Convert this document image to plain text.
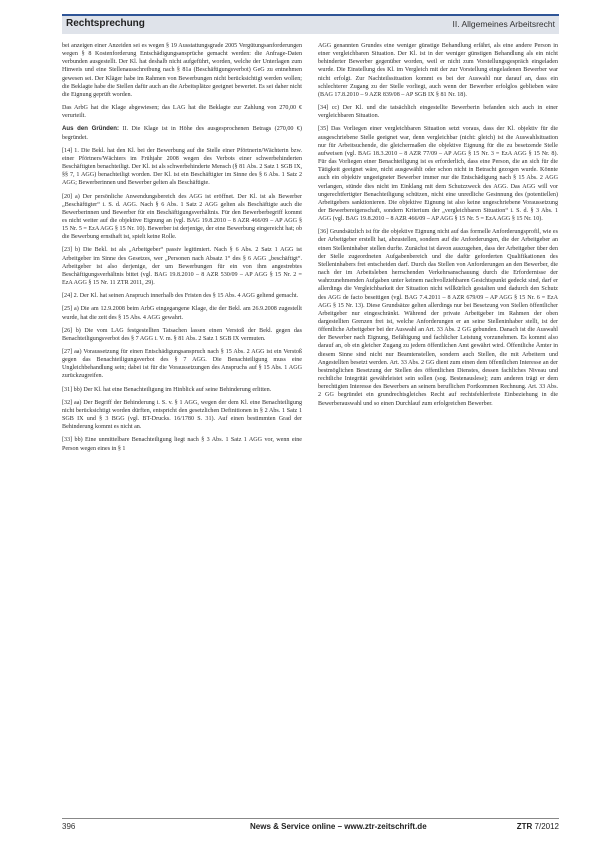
Rechtsprechung	II. Allgemeines Arbeitsrecht

bei anzeigen einer Anzeiden sei es wegen § 19 Ausstattungsgrade 2005 Vergütungsanforderungen wegen § 8 Kostenforderung Entschädigungsansprüche gemacht werden: die Anfrage-Daten verbunden ausgestellt. Der Kl. hat deshalb nicht aufgeführt, worden, welche der Unterlagen zum Hinweis und eine Stellenausschreibung nach § 81a (Beschäftigungsverbot) GeG zu entnehmen gewesen sei. Der Kläger habe im Rahmen von Bewerbungen nicht berücksichtigt werden wollen; die Beklagte habe die Stellen dafür auch an die Arbeitsplätze geeignet bewertet. Es sei daher nicht die Eignung geprüft worden.

Das ArbG hat die Klage abgewiesen; das LAG hat die Beklagte zur Zahlung von 270,00 € verurteilt.

Aus den Gründen: II. Die Klage ist in Höhe des ausgesprochenen Betrags (270,00 €) begründet.

[14] 1. Die Bekl. hat den Kl. bei der Bewerbung auf die Stelle einer Pförtnerin/Wächterin bzw. einer Pförtners/Wächters im Frühjahr 2008 wegen des Verbots einer schwerbehinderten Beschäftigten benachteiligt. Der Kl. ist als schwerbehinderte Mensch (§ 81 Abs. 2 Satz 1 SGB IX, §§ 7, 1 AGG) benachteiligt worden. Der Kl. ist ein Beschäftigter im Sinne des § 6 Abs. 1 Satz 2 AGG; Bewerberinnen und Bewerber gelten als Beschäftigte.

[20] a) Der persönliche Anwendungsbereich des AGG ist eröffnet. Der Kl. ist als Bewerber „Beschäftigter“ i. S. d. AGG. Nach § 6 Abs. 1 Satz 2 AGG gelten als Beschäftigte auch die Bewerberinnen und Bewerber für ein Beschäftigungsverhältnis. Für den Bewerberbegriff kommt es nicht weiter auf die objektive Eignung an (vgl. BAG 19.8.2010 – 8 AZR 466/09 – AP AGG § 15 Nr. 5 = EzA AGG § 15 Nr. 10). Bewerber ist derjenige, der eine Bewerbung eingereicht hat; ob die Bewerbung ernsthaft ist, spielt keine Rolle.

[23] b) Die Bekl. ist als „Arbeitgeber“ passiv legitimiert. Nach § 6 Abs. 2 Satz 1 AGG ist Arbeitgeber im Sinne des Gesetzes, wer „Personen nach Absatz 1“ des § 6 AGG „beschäftigt“. Arbeitgeber ist also derjenige, der um Bewerbungen für ein von ihm angestrebtes Beschäftigungsverhältnis bittet (vgl. BAG 19.8.2010 – 8 AZR 530/09 – AP AGG § 15 Nr. 2 = EzA AGG § 15 Nr. 11 ZTR 2011, 29).

[24] 2. Der Kl. hat seinen Anspruch innerhalb des Fristen des § 15 Abs. 4 AGG geltend gemacht.

[25] a) Die am 12.9.2008 beim ArbG eingegangene Klage, die der Bekl. am 26.9.2008 zugestellt wurde, hat die zeit des § 15 Abs. 4 AGG gewahrt.

[26] b) Die vom LAG festgestellten Tatsachen lassen einen Verstoß der Bekl. gegen das Benachteiligungsverbot des § 7 AGG i. V. m. § 81 Abs. 2 Satz 1 SGB IX vermuten.

[27] aa) Voraussetzung für einen Entschädigungsanspruch nach § 15 Abs. 2 AGG ist ein Verstoß gegen das Benachteiligungsverbot des § 7 AGG. Die Benachteiligung muss eine Ungleichbehandlung sein; dabei ist für die Voraussetzungen des Anspruchs auf § 15 Abs. 1 AGG zurückzugreifen.

[31] bb) Der Kl. hat eine Benachteiligung im Hinblick auf seine Behinderung erlitten.

[32] aa) Der Begriff der Behinderung i. S. v. § 1 AGG, wegen der dem Kl. eine Benachteiligung nicht berücksichtigt worden dürften, entspricht den gesetzlichen Definitionen in § 2 Abs. 1 Satz 1 SGB IX und § 3 BGG (vgl. BT-Drucks. 16/1780 S. 31). Auf einen bestimmten Grad der Behinderung kommt es nicht an.

[33] bb) Eine unmittelbare Benachteiligung liegt nach § 3 Abs. 1 Satz 1 AGG vor, wenn eine Person wegen eines in § 1

AGG genannten Grundes eine weniger günstige Behandlung erfährt, als eine andere Person in einer vergleichbaren Situation. Der Kl. ist in der weniger günstigen Behandlung als ein nicht behinderter Bewerber gegenüber worden, weil er nicht zum Vorstellungsgespräch eingeladen wurde. Die Einstellung des Kl. im Vergleich mit der zur Vorstellung eingeladenen Bewerber war nicht erfolgt. Zur Nachteilssituation kommt es bei der Auswahl nur darauf an, dass ein schlechterer Zugang zu der Stelle vorliegt, auch wenn der Bewerber erfolglos geblieben wäre (BAG 17.8.2010 – 9 AZR 839/08 – AP SGB IX § 81 Nr. 18).

[34] cc) Der Kl. und die tatsächlich eingestellte Bewerberin befanden sich auch in einer vergleichbaren Situation.

[35] Das Vorliegen einer vergleichbaren Situation setzt voraus, dass der Kl. objektiv für die ausgeschriebene Stelle geeignet war, denn vergleichbar (nicht: gleich) ist die Auswahlsituation nur für Arbeitsuchende, die gleichermaßen die objektive Eignung für die zu besetzende Stelle aufweisen (vgl. BAG 18.3.2010 – 8 AZR 77/09 – AP AGG § 15 Nr. 3 = EzA AGG § 15 Nr. 8). Für das Vorliegen einer Benachteiligung ist es erforderlich, dass eine Person, die an sich für die Tätigkeit geeignet wäre, nicht ausgewählt oder schon nicht in Betracht gezogen wurde. Könnte auch ein objektiv ungeeigneter Bewerber immer nur die Entschädigung nach § 15 Abs. 2 AGG verlangen, stünde dies nicht im Einklang mit dem Schutzzweck des AGG. Das AGG will vor ungerechtfertigter Benachteiligung schützen, nicht eine unredliche Gesinnung des (potentiellen) Arbeitgebers sanktionieren. Die objektive Eignung ist also keine ungeschriebene Voraussetzung der Bewerbereigenschaft, sondern Kriterium der „vergleichbaren Situation“ i. S. d. § 3 Abs. 1 AGG (vgl. BAG 19.8.2010 – 8 AZR 466/09 – AP AGG § 15 Nr. 5 = EzA AGG § 15 Nr. 10).

[36] Grundsätzlich ist für die objektive Eignung nicht auf das formelle Anforderungsprofil, wie es der Arbeitgeber erstellt hat, abzustellen, sondern auf die Anforderungen, die der Arbeitgeber an einen Stelleninhaber stellen durfte. Zunächst ist davon auszugehen, dass der Arbeitgeber über den der Stelle zugeordneten Aufgabenbereich und die dafür geforderten Qualifikationen des Stelleninhabers frei entscheiden darf. Durch das Stellen von Anforderungen an den Bewerber, die nach der im Arbeitsleben herrschenden Verkehrsanschauung durch die Erfordernisse der wahrzunehmenden Aufgaben unter keinem nachvollziehbaren Gesichtspunkt gedeckt sind, darf er allerdings die Vergleichbarkeit der Situation nicht willkürlich gestalten und dadurch den Schutz des AGG de facto beseitigen (vgl. BAG 7.4.2011 – 8 AZR 679/09 – AP AGG § 15 Nr. 6 = EzA AGG § 15 Nr. 13). Diese Grundsätze gelten allerdings nur bei Besetzung von Stellen öffentlicher Arbeitgeber nur eingeschränkt. Während der private Arbeitgeber im Rahmen der oben dargestellten Grenzen frei ist, welche Anforderungen er an seine Stelleninhaber stellt, ist der öffentliche Arbeitgeber bei der Auswahl an Art. 33 Abs. 2 GG gebunden. Danach ist die Auswahl der Bewerber nach Eignung, Befähigung und fachlicher Leistung vorzunehmen. Es kommt also darauf an, ob ein gleicher Zugang zu jedem öffentlichen Amt gewährt wird. Öffentliche Ämter in diesem Sinne sind nicht nur Beamtenstellen, sondern auch Stellen, die mit Arbeitern und Angestellten besetzt werden. Art. 33 Abs. 2 GG dient zum einen dem öffentlichen Interesse an der bestmöglichen Besetzung der Stellen des öffentlichen Dienstes, dessen fachliches Niveau und rechtliche Integrität gewährleistet sein sollen (sog. Bestenauslese); zum anderen trägt er dem berechtigten Interesse des Bewerbers an seinem beruflichen Fortkommen Rechnung. Art. 33 Abs. 2 GG begründet ein grundrechtsgleiches Recht auf rechtsfehlerfreie Einbeziehung in die Bewerberauswahl und so einen Durchlauf zum erfolgreichen Bewerber.

396	News & Service online – www.ztr-zeitschrift.de	ZTR 7/2012
